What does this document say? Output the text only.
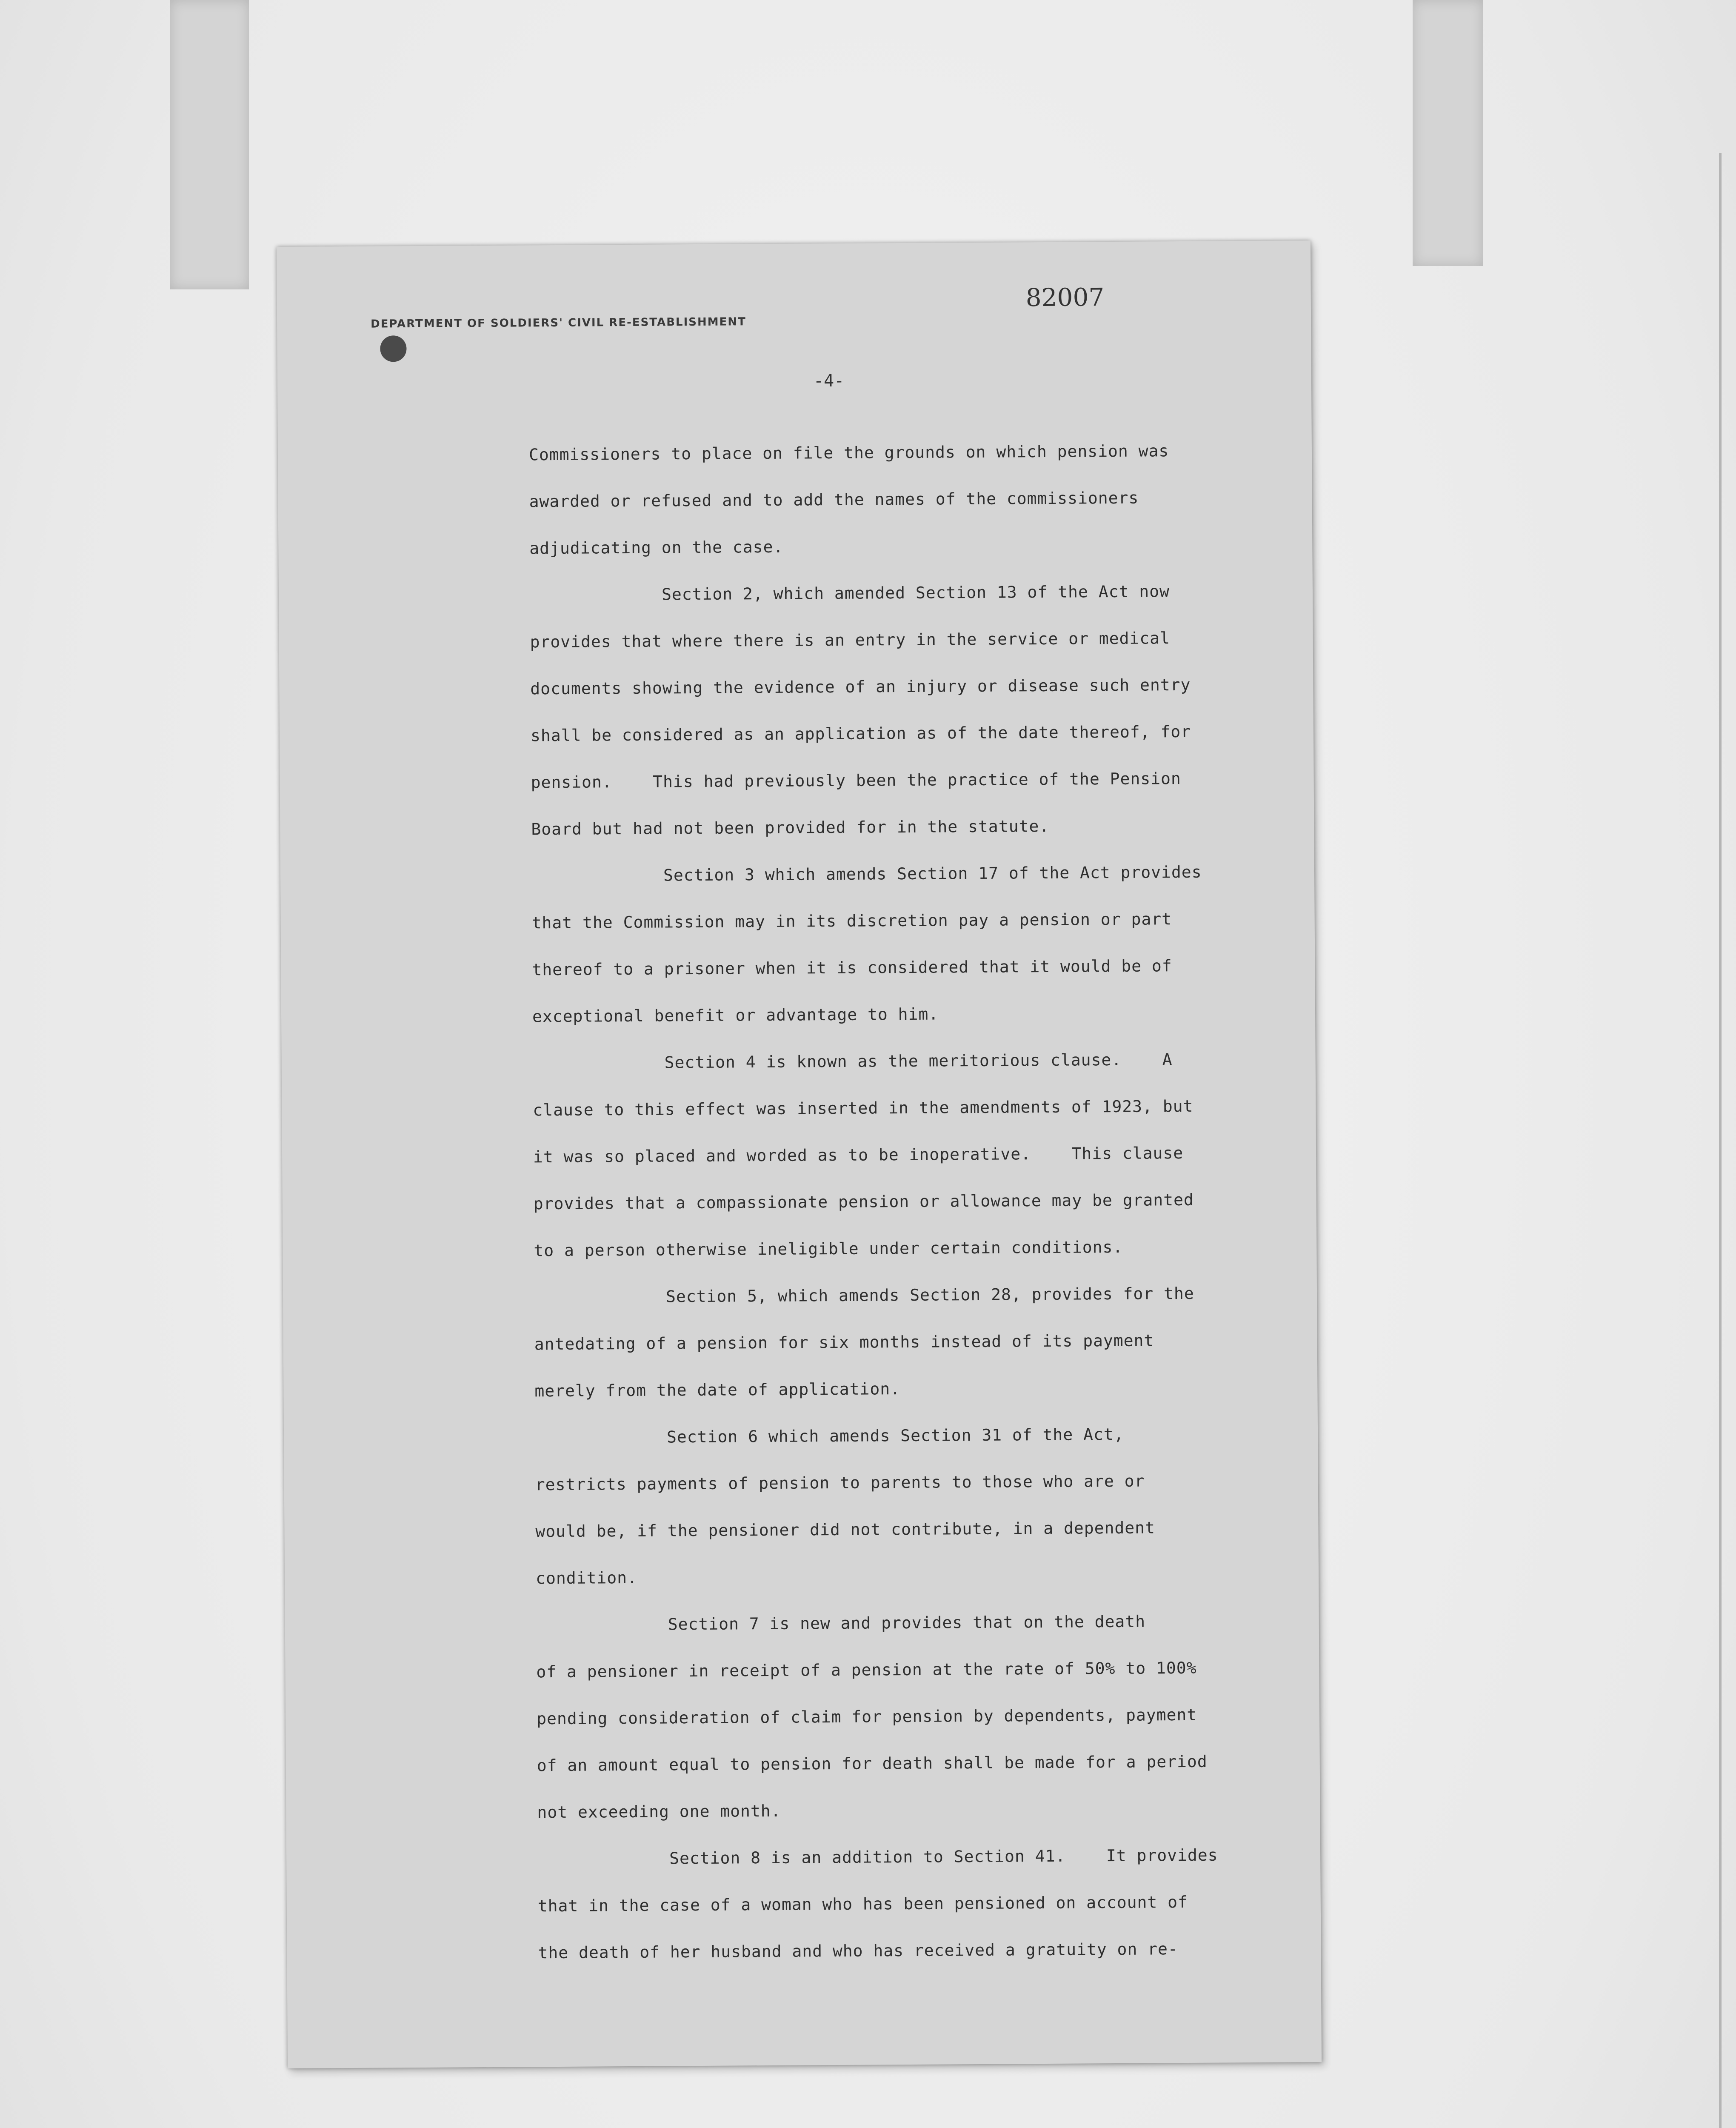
DEPARTMENT OF SOLDIERS' CIVIL RE-ESTABLISHMENT
82007
-4-
Commissioners to place on file the grounds on which pension was
awarded or refused and to add the names of the commissioners
adjudicating on the case.
Section 2, which amended Section 13 of the Act now
provides that where there is an entry in the service or medical
documents showing the evidence of an injury or disease such entry
shall be considered as an application as of the date thereof, for
pension.    This had previously been the practice of the Pension
Board but had not been provided for in the statute.
Section 3 which amends Section 17 of the Act provides
that the Commission may in its discretion pay a pension or part
thereof to a prisoner when it is considered that it would be of
exceptional benefit or advantage to him.
Section 4 is known as the meritorious clause.    A
clause to this effect was inserted in the amendments of 1923, but
it was so placed and worded as to be inoperative.    This clause
provides that a compassionate pension or allowance may be granted
to a person otherwise ineligible under certain conditions.
Section 5, which amends Section 28, provides for the
antedating of a pension for six months instead of its payment
merely from the date of application.
Section 6 which amends Section 31 of the Act,
restricts payments of pension to parents to those who are or
would be, if the pensioner did not contribute, in a dependent
condition.
Section 7 is new and provides that on the death
of a pensioner in receipt of a pension at the rate of 50% to 100%
pending consideration of claim for pension by dependents, payment
of an amount equal to pension for death shall be made for a period
not exceeding one month.
Section 8 is an addition to Section 41.    It provides
that in the case of a woman who has been pensioned on account of
the death of her husband and who has received a gratuity on re-
